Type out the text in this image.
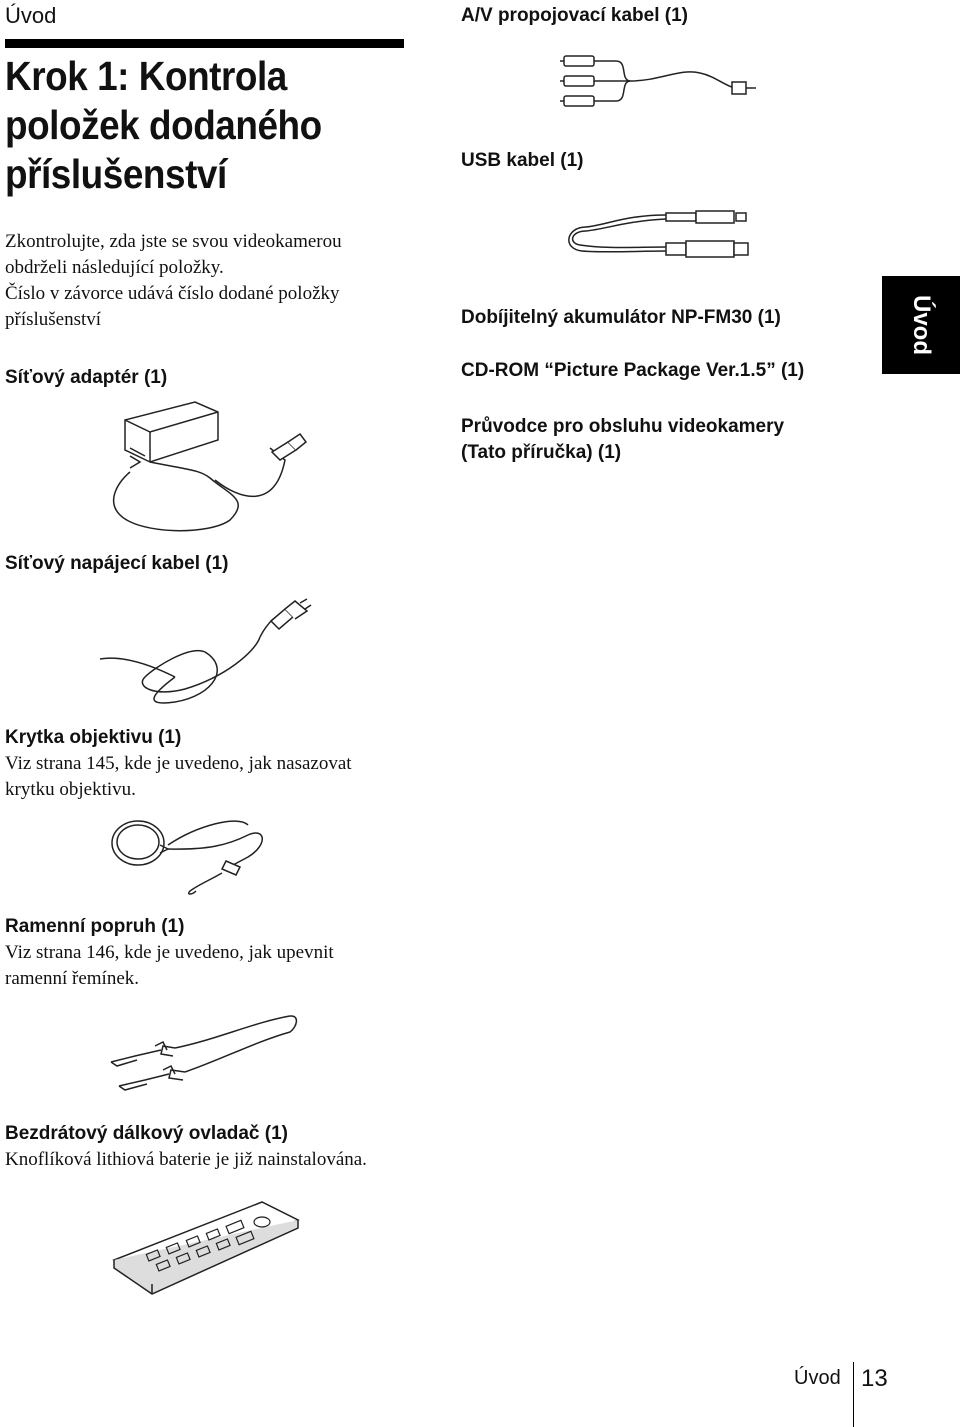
Úvod
Krok 1: Kontrola
položek dodaného
příslušenství
Zkontrolujte, zda jste se svou videokamerou
obdrželi následující položky.
Číslo v závorce udává číslo dodané položky
příslušenství
Síťový adaptér (1)
Síťový napájecí kabel (1)
Krytka objektivu (1)
Viz strana 145, kde je uvedeno, jak nasazovat
krytku objektivu.
Ramenní popruh (1)
Viz strana 146, kde je uvedeno, jak upevnit
ramenní řemínek.
Bezdrátový dálkový ovladač (1)
Knoflíková lithiová baterie je již nainstalována.
A/V propojovací kabel (1)
USB kabel (1)
Dobíjitelný akumulátor NP-FM30 (1)
CD-ROM “Picture Package Ver.1.5” (1)
Průvodce pro obsluhu videokamery
(Tato příručka) (1)
Úvod
Úvod 13
